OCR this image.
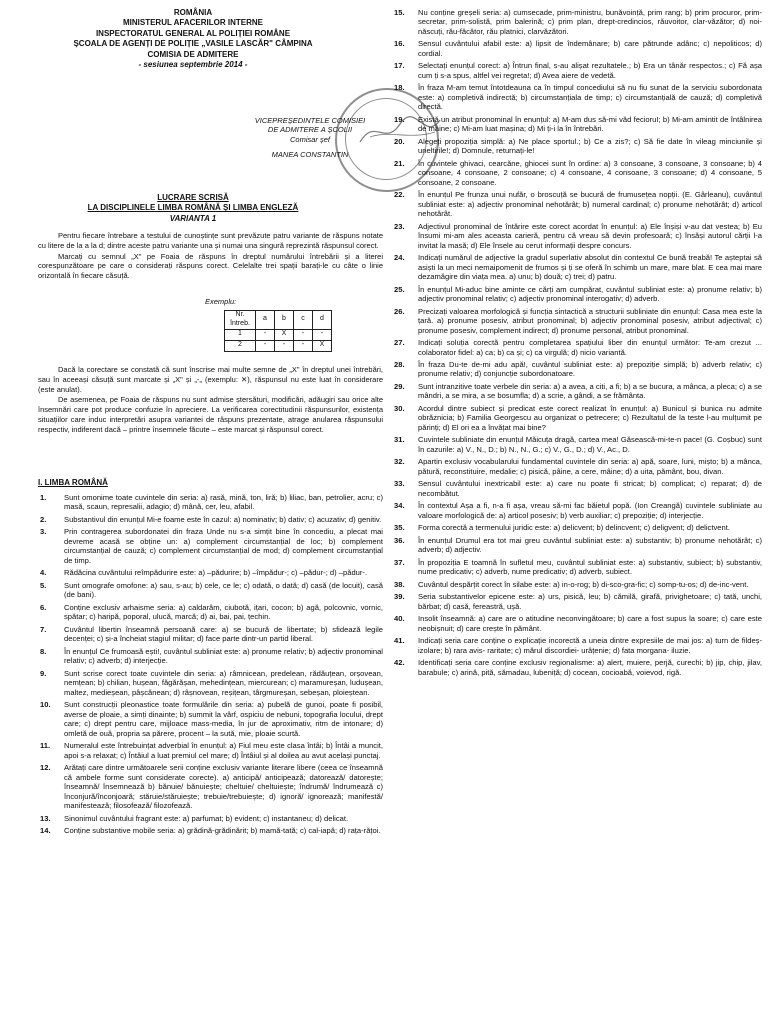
ROMÂNIA
MINISTERUL AFACERILOR INTERNE
INSPECTORATUL GENERAL AL POLIȚIEI ROMÂNE
ȘCOALA DE AGENȚI DE POLIȚIE „VASILE LASCĂR" CÂMPINA
COMISIA DE ADMITERE
- sesiunea septembrie 2014 -
VICEPREȘEDINTELE COMISIEI
DE ADMITERE A ȘCOLII
Comisar șef
MANEA CONSTANTIN
LUCRARE SCRISĂ
LA DISCIPLINELE LIMBA ROMÂNĂ ȘI LIMBA ENGLEZĂ
VARIANTA 1

Pentru fiecare întrebare a testului de cunoștințe sunt prevăzute patru variante de răspuns notate cu litere de la a la d; dintre aceste patru variante una și numai una singură reprezintă răspunsul corect.

Marcați cu semnul „X" pe Foaia de răspuns în dreptul numărului întrebării și a literei corespunzătoare pe care o considerați răspuns corect. Celelalte trei spații barați-le cu câte o linie orizontală în fiecare căsuță.

Exemplu:
Nr. întreb.	a	b	c	d
1	-	X	-	-
2	-	-	-	X

Dacă la corectare se constată că sunt înscrise mai multe semne de „X" în dreptul unei întrebări, sau în aceeași căsuță sunt marcate și „X" și „-„ (exemplu: ✕), răspunsul nu este luat în considerare (este anulat).

De asemenea, pe Foaia de răspuns nu sunt admise ștersături, modificări, adăugiri sau orice alte însemnări care pot produce confuzie în apreciere. La verificarea corectitudinii răspunsurilor, existența situațiilor care induc interpretări asupra variantei de răspuns prezentate, atrage anularea răspunsului respectiv, indiferent dacă – printre însemnele făcute – este marcat și răspunsul corect.

I. LIMBA ROMÂNĂ
1.	Sunt omonime toate cuvintele din seria: a) rasă, mină, ton, liră; b) liliac, ban, petrolier, acru; c) masă, scaun, represalii, adagio; d) mână, cer, leu, afabil.
2.	Substantivul din enunțul Mi-e foame este în cazul: a) nominativ; b) dativ; c) acuzativ; d) genitiv.
3.	Prin contragerea subordonatei din fraza Unde nu s-a simțit bine în concediu, a plecat mai devreme acasă se obține un: a) complement circumstanțial de loc; b) complement circumstanțial de cauză; c) complement circumstanțial de mod; d) complement circumstanțial de timp.
4.	Rădăcina cuvântului reîmpădurire este: a) –pădurire; b) –împădur-; c) –pădur-; d) –pădur-.
5.	Sunt omografe omofone: a) sau, s-au; b) cele, ce le; c) odată, o dată; d) casă (de locuit), casă (de bani).
6.	Conține exclusiv arhaisme seria: a) caldarâm, ciubotă, ițari, cocon; b) agă, polcovnic, vornic, spătar; c) haripă, poporal, ulucă, marcă; d) ai, bai, pai, țechin.
7.	Cuvântul libertin înseamnă persoană care: a) se bucură de libertate; b) sfidează legile decenței; c) și-a încheiat stagiul militar; d) face parte dintr-un partid liberal.
8.	În enunțul Ce frumoasă ești!, cuvântul subliniat este: a) pronume relativ; b) adjectiv pronominal relativ; c) adverb; d) interjecție.
9.	Sunt scrise corect toate cuvintele din seria: a) râmnicean, predelean, rădăuțean, orșovean, nemțean; b) chilian, hușean, făgărășan, mehedințean, miercurean; c) maramureșan, ludușean, maltez, medieșean, pâșcănean; d) râșnovean, reșițean, târgmureșan, sebeșan, ploieștean.
10.	Sunt construcții pleonastice toate formulările din seria: a) pubelă de gunoi, poate fi posibil, averse de ploaie, a simți dinainte; b) summit la vârf, ospiciu de nebuni, topografia locului, drept care; c) drept pentru care, mijloace mass-media, în jur de aproximativ, ritm de intonare; d) omletă de ouă, propria sa părere, procent – la sută, mie, ploaie scurtă.
11.	Numeralul este întrebuințat adverbial în enunțul: a) Fiul meu este clasa întâi; b) Întâi a muncit, apoi s-a relaxat; c) Întâiul a luat premiul cel mare; d) Întâiul și al doilea au avut același punctaj.
12.	Arătați care dintre următoarele serii conține exclusiv variante literare libere (ceea ce înseamnă că ambele forme sunt considerate corecte). a) anticipă/ anticipează; datorează/ datorește; înseamnă/ însemnează b) bănuie/ bănuiește; cheltuie/ cheltuiește; îndrumă/ îndrumează c) înconjură/înconjoară; stăruie/stăruiește; trebuie/trebuiește; d) ignoră/ ignorează; manifestă/ manifestează; filosofează/ filozofează.
13.	Sinonimul cuvântului fragrant este: a) parfumat; b) evident; c) instantaneu; d) delicat.
14.	Conține substantive mobile seria: a) grădină-grădinărit; b) mamă-tată; c) cal-iapă; d) rața-rățoi.
15.	Nu conține greșeli seria: a) cumsecade, prim-ministru, bunăvoință, prim rang; b) prim procuror, prim-secretar, prim-solistă, prim balerină; c) prim plan, drept-credincios, răuvoitor, clar-văzător; d) noi-născuți, rău-făcător, rău platnici, clarvăzători.
16.	Sensul cuvântului afabil este: a) lipsit de îndemânare; b) care pătrunde adânc; c) nepoliticos; d) cordial.
17.	Selectați enunțul corect: a) Întrun final, s-au alișat rezultatele.; b) Era un tânăr respectos.; c) Fă așa cum ți s-a spus, altfel vei regreta!; d) Avea aiere de vedetă.
18.	În fraza M-am temut întotdeauna ca în timpul concediului să nu fiu sunat de la serviciu subordonata este: a) completivă indirectă; b) circumstanțiala de timp; c) circumstanțială de cauză; d) completivă directă.
19.	Există un atribut pronominal în enunțul: a) M-am dus să-mi văd fecioruI; b) Mi-am amintit de întâlnirea de mâine; c) Mi-am luat mașina; d) Mi ți-i la în întrebări.
20.	Alegeți propoziția simplă: a) Ne place sportul.; b) Ce a zis?; c) Să fie date în vileag minciunile și uneltirile!; d) Domnule, returnați-le!
21.	În cuvintele ghivaci, cearcăne, ghiocei sunt în ordine: a) 3 consoane, 3 consoane, 3 consoane; b) 4 consoane, 4 consoane, 2 consoane; c) 4 consoane, 4 consoane, 3 consoane; d) 4 consoane, 5 consoane, 2 consoane.
22.	În enunțul Pe frunza unui nufăr, o broscuță se bucură de frumusețea nopții. (E. Gârleanu), cuvântul subliniat este: a) adjectiv pronominal nehotărât; b) numeral cardinal; c) pronume nehotărât; d) articol nehotărât.
23.	Adjectivul pronominal de întărire este corect acordat în enunțul: a) Ele înșiși v-au dat vestea; b) Eu însumi mi-am ales aceasta carieră, pentru că vreau să devin profesoară; c) însăși autorul cărții l-a invitat la masă; d) Ele însele au cerut informații despre concurs.
24.	Indicați numărul de adjective la gradul superlativ absolut din contextul Ce bună treabă! Te așteptai să asiști la un meci nemaipomenit de frumos și ți se oferă în schimb un mare, mare blat. E cea mai mare dezamăgire din viața mea. a) unu; b) două; c) trei; d) patru.
25.	În enunțul Mi-aduc bine aminte ce cărți am cumpărat, cuvântul subliniat este: a) pronume relativ; b) adjectiv pronominal relativ; c) adjectiv pronominal interogativ; d) adverb.
26.	Precizați valoarea morfologică și funcția sintactică a structurii subliniate din enunțul: Casa mea este la țară. a) pronume posesiv, atribut pronominal; b) adjectiv pronominal posesiv, atribut adjectival; c) pronume posesiv, complement indirect; d) pronume personal, atribut pronominal.
27.	Indicați soluția corectă pentru completarea spațiului liber din enunțul următor: Te-am crezut ... colaborator fidel: a) ca; b) ca și; c) ca virgulă; d) nicio variantă.
28.	În fraza Du-te de-mi adu apă!, cuvântul subliniat este: a) prepoziție simplă; b) adverb relativ; c) pronume relativ; d) conjuncție subordonatoare.
29.	Sunt intranzitive toate verbele din seria: a) a avea, a citi, a fi; b) a se bucura, a mânca, a pleca; c) a se mândri, a se mira, a se bosumfla; d) a scrie, a gândi, a se frământa.
30.	Acordul dintre subiect și predicat este corect realizat în enunțul: a) Bunicul și bunica nu admite obrăznicia; b) Familia Georgescu au organizat o petrecere; c) Rezultatul de la teste l-au mulțumit pe părinți; d) El ori ea a învățat mai bine?
31.	Cuvintele subliniate din enunțul Măicuța dragă, cartea mea! Găsească-mi-te-n pace! (G. Coșbuc) sunt în cazurile: a) V., N., D.; b) N., N., G.; c) V., G., D.; d) V., Ac., D.
32.	Apartin exclusiv vocabularului fundamental cuvintele din seria: a) apă, soare, luni, mișto; b) a mânca, pătură, reconstituire, medalie; c) pisică, pâine, a cere, mâine; d) a uita, pământ, bou, divan.
33.	Sensul cuvântului inextricabil este: a) care nu poate fi stricat; b) complicat; c) reparat; d) de necombătut.
34.	În contextul Așa a fi, n-a fi așa, vreau să-mi fac băietul popă. (Ion Creangă) cuvintele subliniate au valoare morfologică de: a) articol posesiv; b) verb auxiliar; c) prepoziție; d) interjecție.
35.	Forma corectă a termenului juridic este: a) delicvent; b) delincvent; c) deligvent; d) delictvent.
36.	În enunțul Drumul era tot mai greu cuvântul subliniat este: a) substantiv; b) pronume nehotărât; c) adverb; d) adjectiv.
37.	În propoziția E toamnă în sufletul meu, cuvântul subliniat este: a) substantiv, subiect; b) substantiv, nume predicativ; c) adverb, nume predicativ; d) adverb, subiect.
38.	Cuvântul despărțit corect în silabe este: a) in-o-rog; b) di-sco-gra-fic; c) somp-tu-os; d) de-inc-vent.
39.	Seria substantivelor epicene este: a) urs, pisică, leu; b) cămilă, girafă, privighetoare; c) tată, unchi, bărbat; d) casă, fereastră, ușă.
40.	Insolit înseamnă: a) care are o atitudine neconvingătoare; b) care a fost supus la soare; c) care este neobișnuit; d) care crește în pământ.
41.	Indicați seria care conține o explicație incorectă a uneia dintre expresiile de mai jos: a) turn de fildeș- izolare; b) rara avis- raritate; c) mărul discordiei- urâțenie; d) fata morgana- iluzie.
42.	Identificați seria care conține exclusiv regionalisme: a) alert, muiere, perjă, curechi; b) jip, chip, jilav, barabule; c) arină, pită, sămadau, lubeniță; d) cocean, cocioabă, voievod, rigă.
